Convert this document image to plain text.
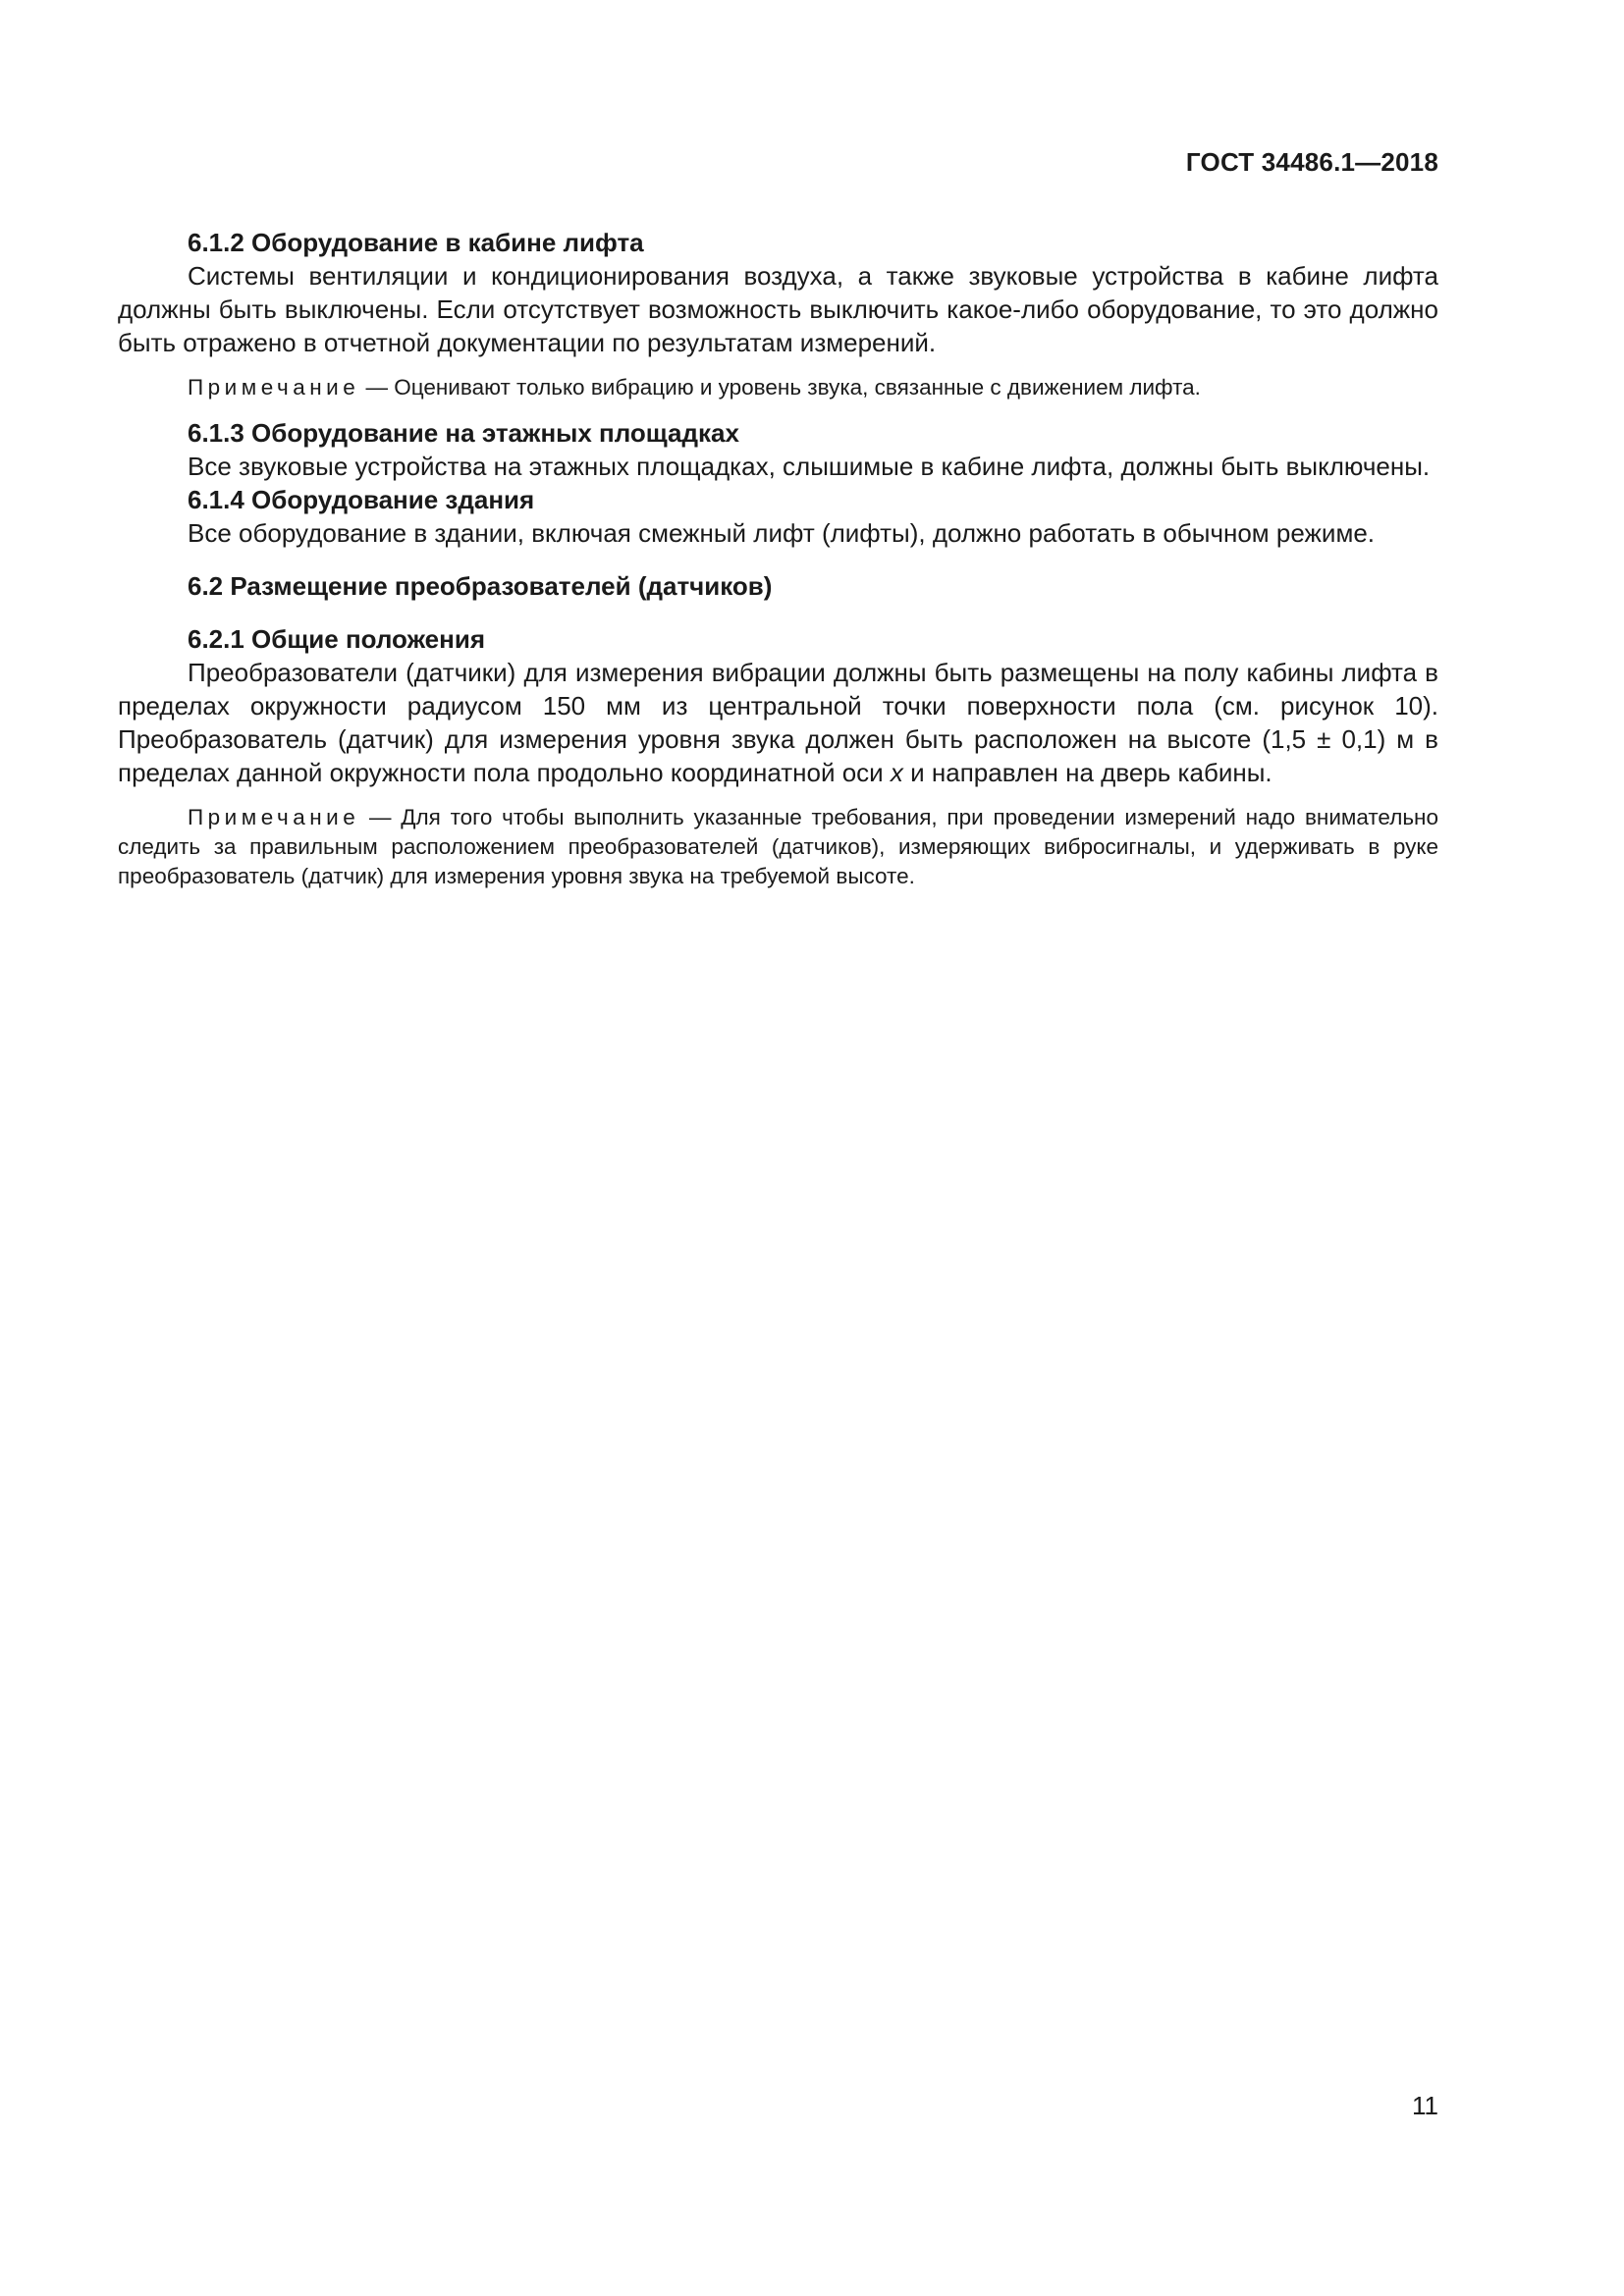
ГОСТ 34486.1—2018

6.1.2 Оборудование в кабине лифта

Системы вентиляции и кондиционирования воздуха, а также звуковые устройства в кабине лифта должны быть выключены. Если отсутствует возможность выключить какое-либо оборудование, то это должно быть отражено в отчетной документации по результатам измерений.

Примечание — Оценивают только вибрацию и уровень звука, связанные с движением лифта.

6.1.3 Оборудование на этажных площадках

Все звуковые устройства на этажных площадках, слышимые в кабине лифта, должны быть выключены.

6.1.4 Оборудование здания

Все оборудование в здании, включая смежный лифт (лифты), должно работать в обычном режиме.

6.2 Размещение преобразователей (датчиков)

6.2.1 Общие положения

Преобразователи (датчики) для измерения вибрации должны быть размещены на полу кабины лифта в пределах окружности радиусом 150 мм из центральной точки поверхности пола (см. рисунок 10). Преобразователь (датчик) для измерения уровня звука должен быть расположен на высоте (1,5 ± 0,1) м в пределах данной окружности пола продольно координатной оси x и направлен на дверь кабины.

Примечание — Для того чтобы выполнить указанные требования, при проведении измерений надо внимательно следить за правильным расположением преобразователей (датчиков), измеряющих вибросигналы, и удерживать в руке преобразователь (датчик) для измерения уровня звука на требуемой высоте.

11
